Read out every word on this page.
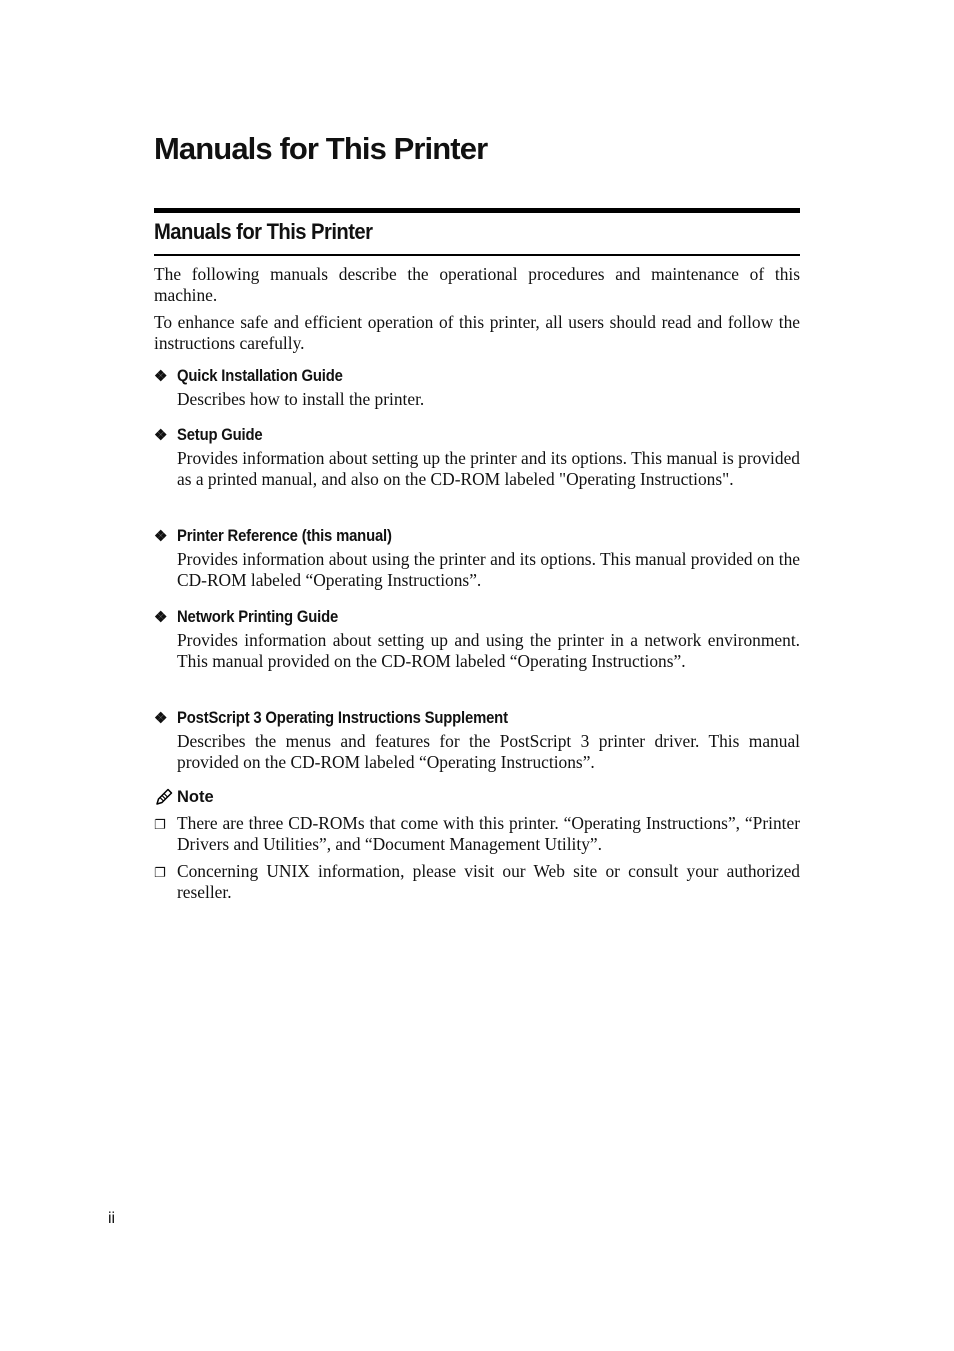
Manuals for This Printer
Manuals for This Printer

The following manuals describe the operational procedures and maintenance of this machine.

To enhance safe and efficient operation of this printer, all users should read and follow the instructions carefully.

❖ Quick Installation Guide

Describes how to install the printer.

❖ Setup Guide

Provides information about setting up the printer and its options. This manual is provided as a printed manual, and also on the CD-ROM labeled "Operating Instructions".

❖ Printer Reference (this manual)

Provides information about using the printer and its options. This manual provided on the CD-ROM labeled “Operating Instructions”.

❖ Network Printing Guide

Provides information about setting up and using the printer in a network environment. This manual provided on the CD-ROM labeled “Operating Instructions”.

❖ PostScript 3 Operating Instructions Supplement

Describes the menus and features for the PostScript 3 printer driver. This manual provided on the CD-ROM labeled “Operating Instructions”.

Note
❐ There are three CD-ROMs that come with this printer. “Operating Instructions”, “Printer Drivers and Utilities”, and “Document Management Utility”.
❐ Concerning UNIX information, please visit our Web site or consult your authorized reseller.
ii
